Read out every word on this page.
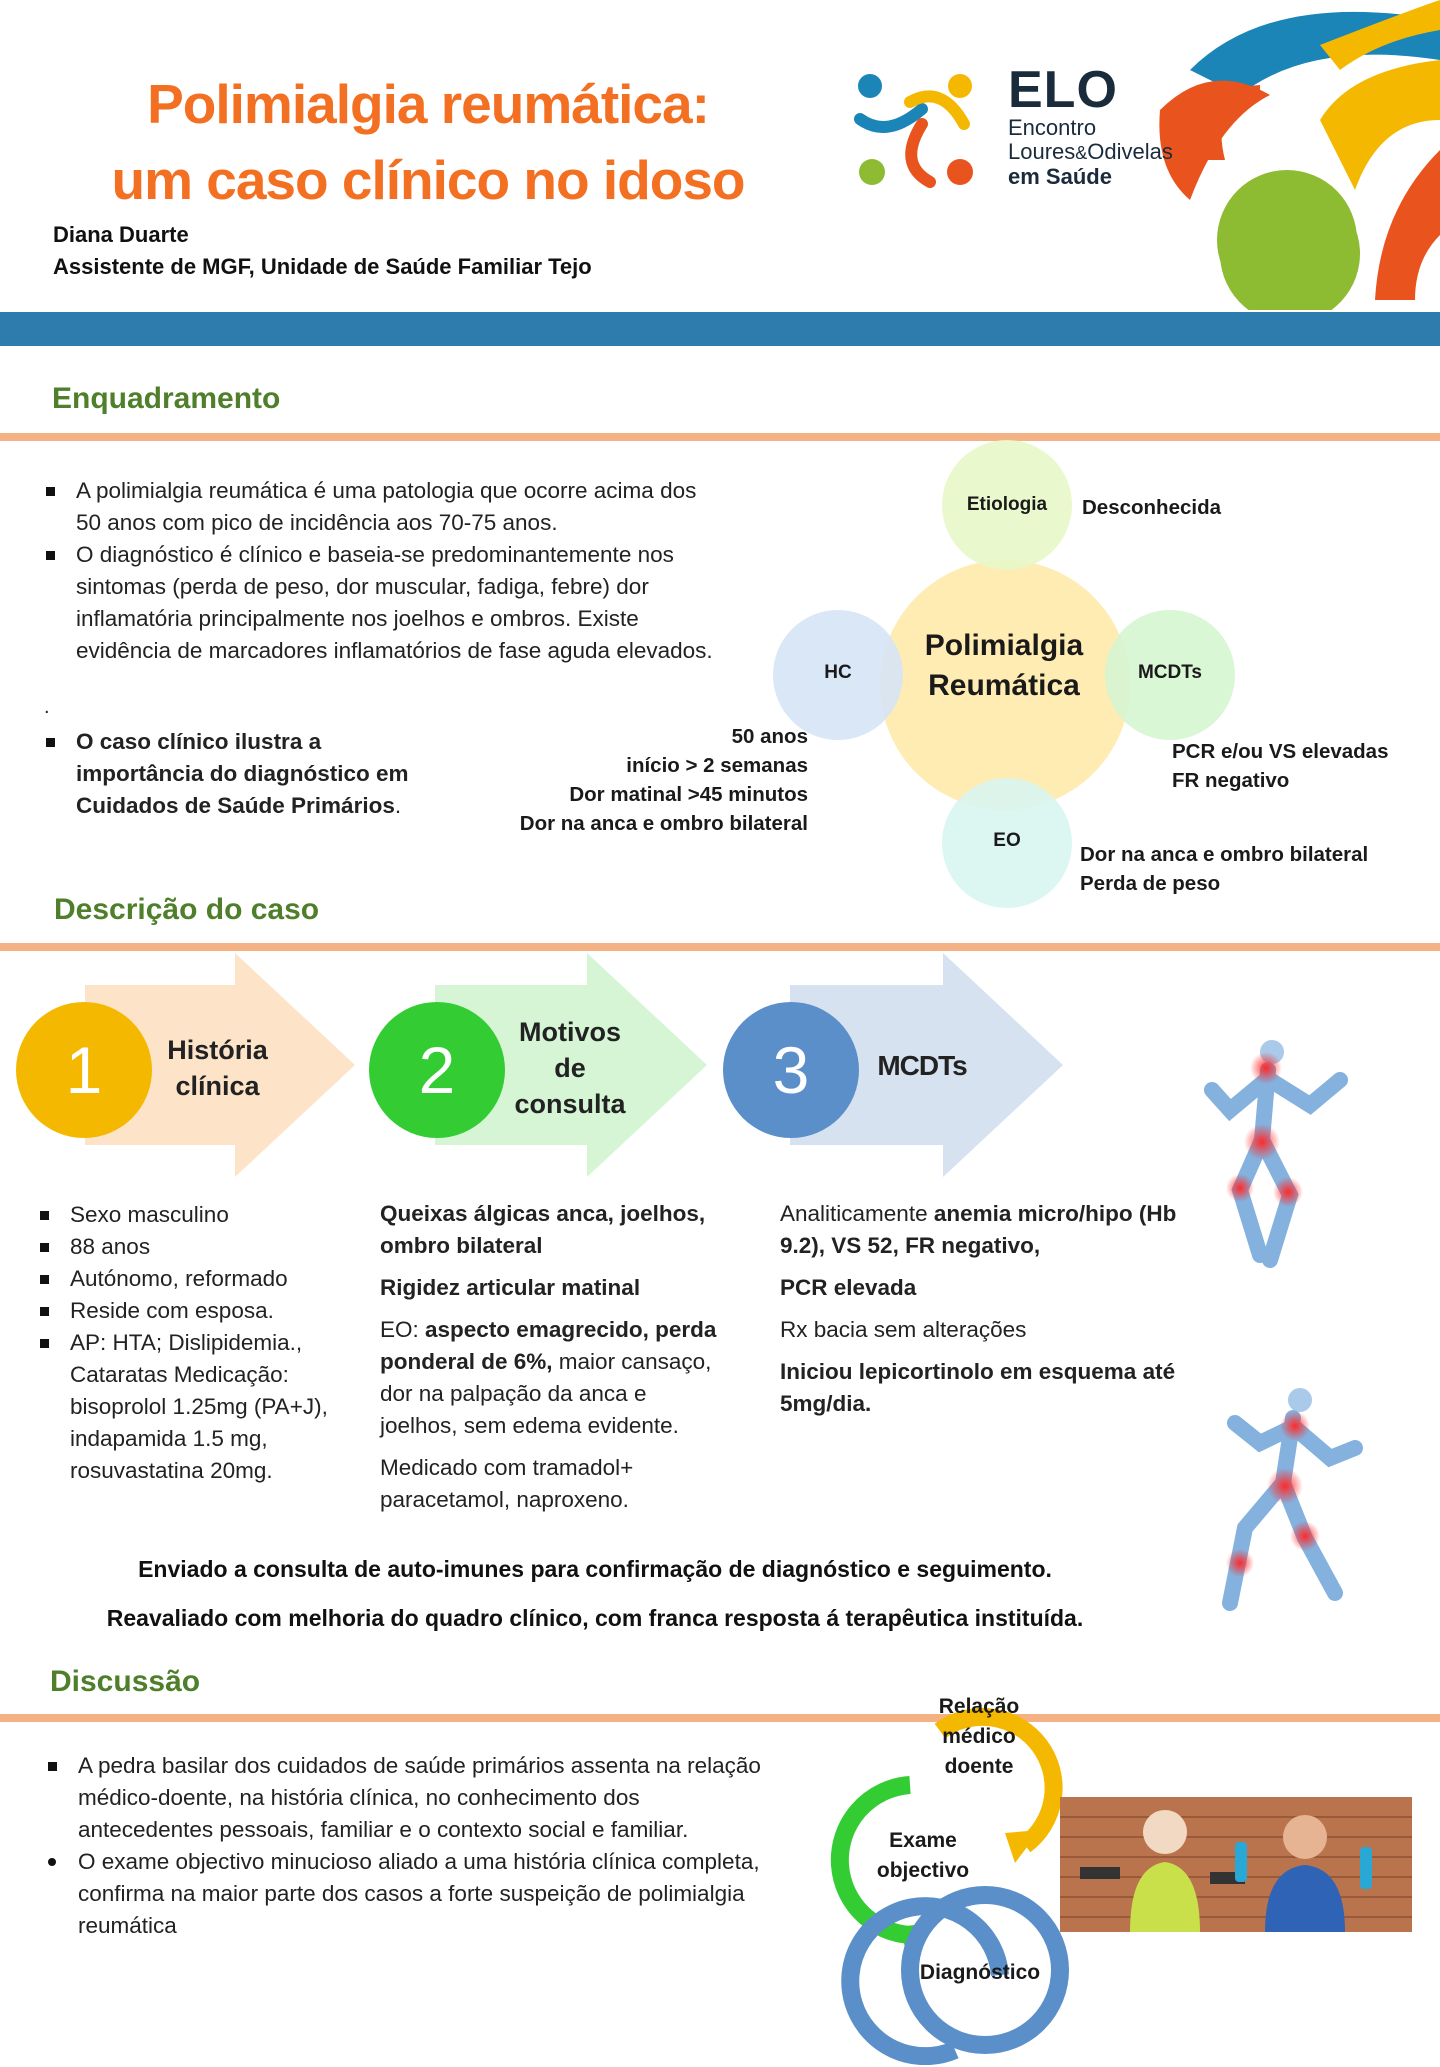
Polimialgia reumática:
um caso clínico no idoso
Diana Duarte
Assistente de MGF, Unidade de Saúde Familiar Tejo
ELO
Encontro
Loures&Odivelas
em Saúde
Enquadramento
A polimialgia reumática é uma patologia que ocorre acima dos 50 anos com pico de incidência aos 70-75 anos.
O diagnóstico é clínico e baseia-se predominantemente nos sintomas (perda de peso, dor muscular, fadiga, febre) dor inflamatória principalmente nos joelhos e ombros. Existe evidência de marcadores inflamatórios de fase aguda elevados.
.
O caso clínico ilustra a importância do diagnóstico em Cuidados de Saúde Primários.
Polimialgia
Reumática
Etiologia
HC	MCDTs
EO
Desconhecida
50 anos
início > 2 semanas
Dor matinal >45 minutos
Dor na anca e ombro bilateral
PCR e/ou VS elevadas
FR negativo
Dor na anca e ombro bilateral
Perda de peso
Descrição do caso
1	2	3
História
clínica
Motivos
de
consulta
MCDTs
Sexo masculino
88 anos
Autónomo, reformado
Reside com esposa.
AP: HTA; Dislipidemia., Cataratas Medicação: bisoprolol 1.25mg (PA+J), indapamida 1.5 mg, rosuvastatina 20mg.

Queixas álgicas anca, joelhos, ombro bilateral

Rigidez articular matinal

EO: aspecto emagrecido, perda ponderal de 6%, maior cansaço, dor na palpação da anca e joelhos, sem edema evidente.

Medicado com tramadol+ paracetamol, naproxeno.

Analiticamente anemia micro/hipo (Hb 9.2), VS 52, FR negativo,

PCR elevada

Rx bacia sem alterações

Iniciou lepicortinolo em esquema até 5mg/dia.

Enviado a consulta de auto-imunes para confirmação de diagnóstico e seguimento.
Reavaliado com melhoria do quadro clínico, com franca resposta á terapêutica instituída.
Discussão
A pedra basilar dos cuidados de saúde primários assenta na relação médico-doente, na história clínica, no conhecimento dos antecedentes pessoais, familiar e o contexto social e familiar.
O exame objectivo minucioso aliado a uma história clínica completa, confirma na maior parte dos casos a forte suspeição de polimialgia reumática
Relação
médico
doente
Exame
objectivo
Diagnóstico
